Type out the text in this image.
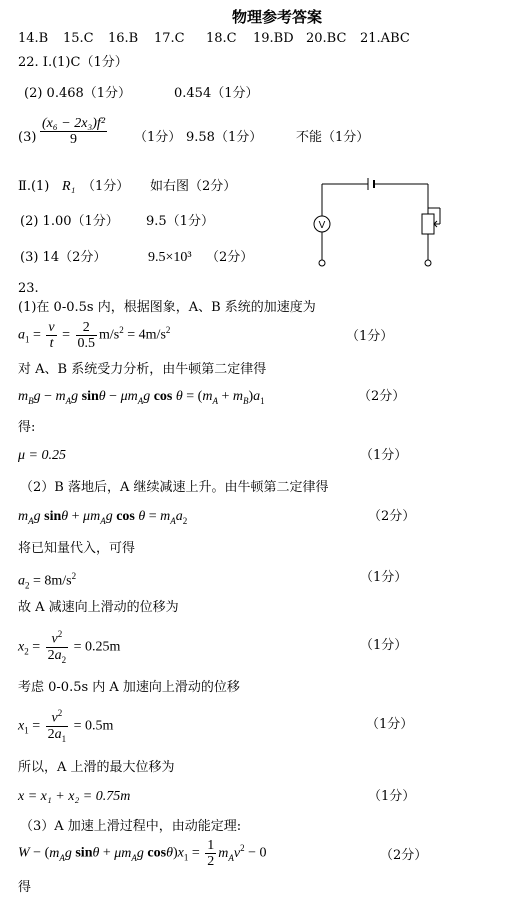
物理参考答案
14.B 15.C 16.B 17.C 18.C 19.BD 20.BC 21.ABC
22. Ⅰ.(1)C（1分）
(2) 0.468（1分）	0.454（1分）
$(3) \frac{\text{(x₆ − 2x₃)f²}}{9} (1$分） 9.58（1分）	不能（1分）
Ⅱ.(1) R₁ （1分） 如右图（2分）
(2) 1.00（1分） 9.5（1分）
(3) 14（2分）	9.5×10³ （2分）
V
23.
(1)在 0-0.5s 内，根据图象，A、B 系统的加速度为
$a_1 = \frac{v}{t} = \frac{2}{0.5} m/s^2 = 4m/s^2$	（1分）
对 A、B 系统受力分析，由牛顿第二定律得
$m_Bg - m_Ag$ $\sin\theta - \mu m_Ag$ $\cos \theta = (m_A + m_B)a_1$	（2分）
得:
μ = 0.25	（1分）
（2）B 落地后，A 继续减速上升。由牛顿第二定律得
$m_Ag$ $\sin\theta + \mu m_Ag$ $\cos \theta = m_Aa_2$	（2分）
将已知量代入，可得
$a_2 = 8m/s^2$	（1分）
故 A 减速向上滑动的位移为
$x_2 = \frac{v^2}{2a_2} = 0.25m$	（1分）
考虑 0-0.5s 内 A 加速向上滑动的位移
$x_1 = \frac{v^2}{2a_1} = 0.5m$	（1分）
所以，A 上滑的最大位移为
x = x₁ + x₂ = 0.75m	（1分）
（3）A 加速上滑过程中，由动能定理:
$W - (m_Ag$ $\sin\theta + \mu m_Ag$ $\cos\theta)x_1 = \frac{1}{2} m_Av^2 - 0$	（2分）
得
